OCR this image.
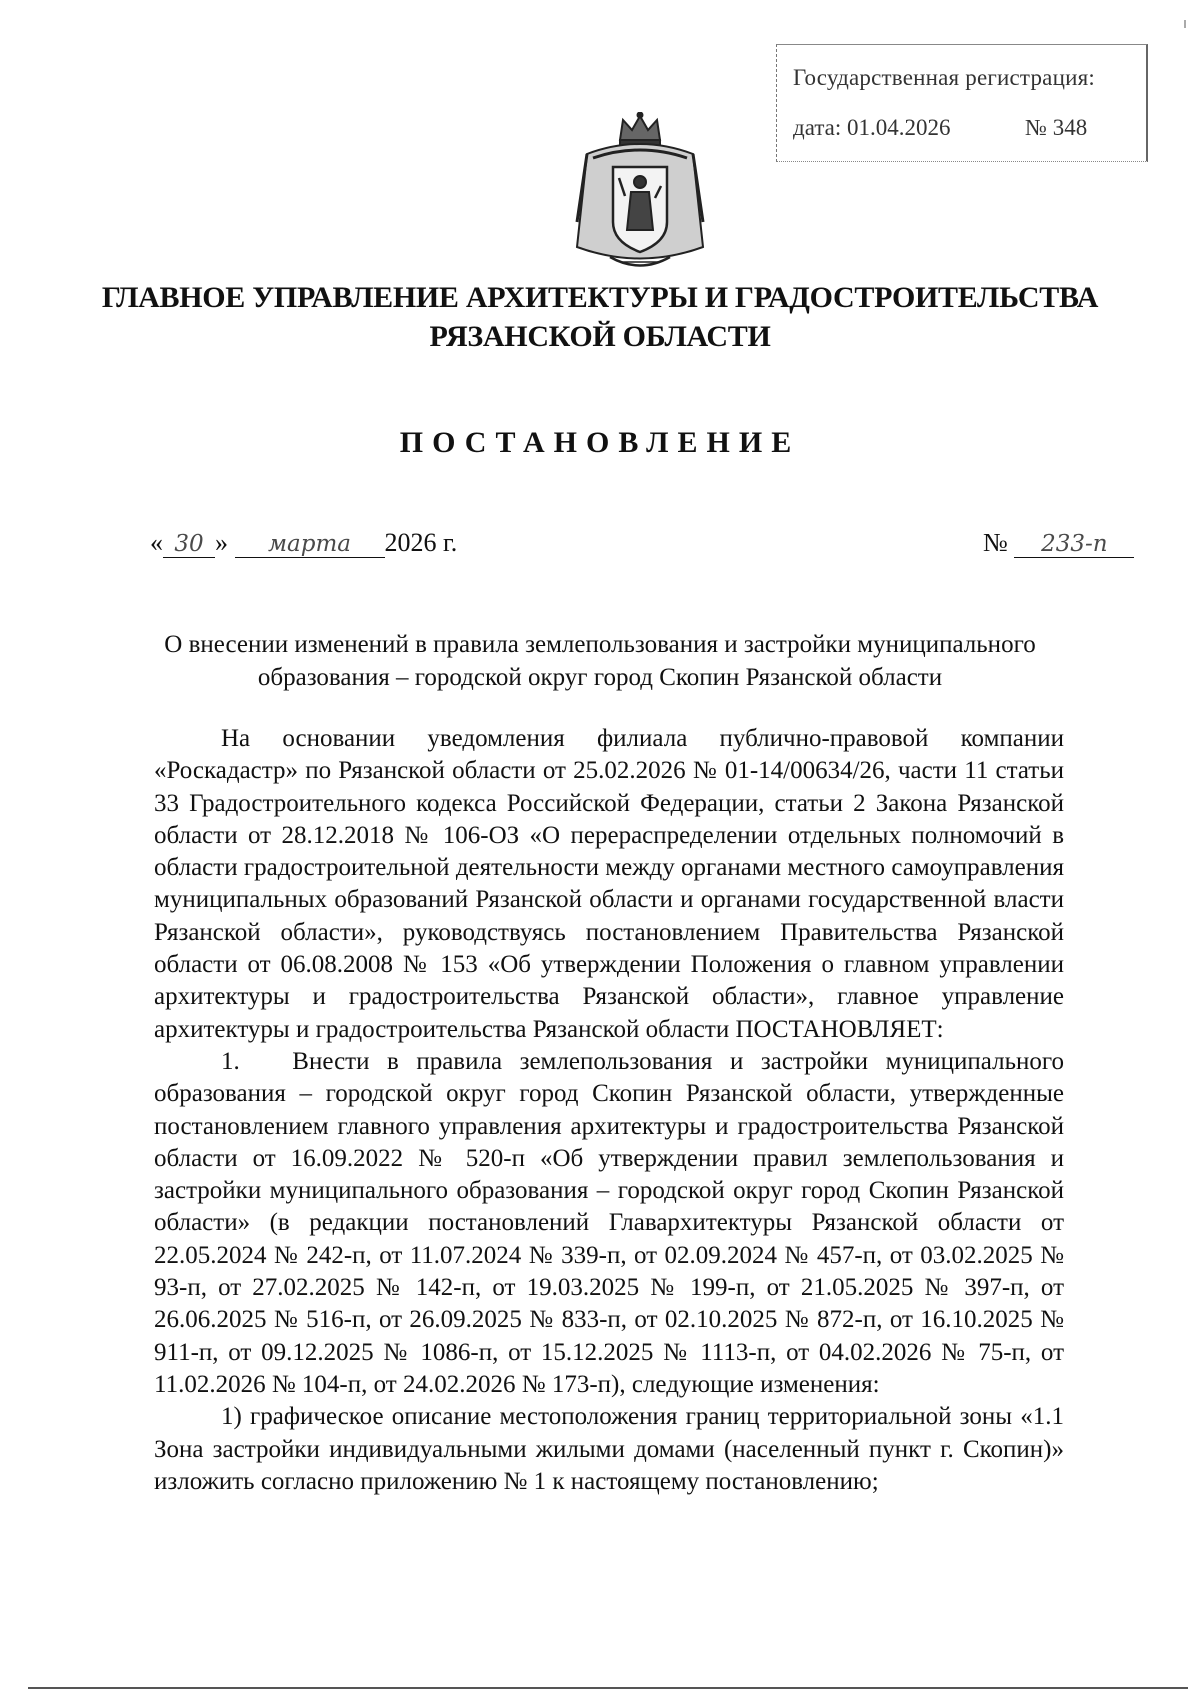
Государственная регистрация:
дата: 01.04.2026	№ 348
ГЛАВНОЕ УПРАВЛЕНИЕ АРХИТЕКТУРЫ И ГРАДОСТРОИТЕЛЬСТВА
РЯЗАНСКОЙ ОБЛАСТИ
ПОСТАНОВЛЕНИЕ
« 30 » марта 2026 г.	№ 233-п
О внесении изменений в правила землепользования и застройки муниципального
образования – городской округ город Скопин Рязанской области

На основании уведомления филиала публично-правовой компании «Роскадастр» по Рязанской области от 25.02.2026 № 01-14/00634/26, части 11 статьи 33 Градостроительного кодекса Российской Федерации, статьи 2 Закона Рязанской области от 28.12.2018 № 106-ОЗ «О перераспределении отдельных полномочий в области градостроительной деятельности между органами местного самоуправления муниципальных образований Рязанской области и органами государственной власти Рязанской области», руководствуясь постановлением Правительства Рязанской области от 06.08.2008 № 153 «Об утверждении Положения о главном управлении архитектуры и градостроительства Рязанской области», главное управление архитектуры и градостроительства Рязанской области ПОСТАНОВЛЯЕТ:

1.   Внести в правила землепользования и застройки муниципального образования – городской округ город Скопин Рязанской области, утвержденные постановлением главного управления архитектуры и градостроительства Рязанской области от 16.09.2022 № 520-п «Об утверждении правил землепользования и застройки муниципального образования – городской округ город Скопин Рязанской области» (в редакции постановлений Главархитектуры Рязанской области от 22.05.2024 № 242-п, от 11.07.2024 № 339-п, от 02.09.2024 № 457-п, от 03.02.2025 № 93-п, от 27.02.2025 № 142-п, от 19.03.2025 № 199-п, от 21.05.2025 № 397-п, от 26.06.2025 № 516-п, от 26.09.2025 № 833-п, от 02.10.2025 № 872-п, от 16.10.2025 № 911-п, от 09.12.2025 № 1086-п, от 15.12.2025 № 1113-п, от 04.02.2026 № 75-п, от 11.02.2026 № 104-п, от 24.02.2026 № 173-п), следующие изменения:

1) графическое описание местоположения границ территориальной зоны «1.1 Зона застройки индивидуальными жилыми домами (населенный пункт г. Скопин)» изложить согласно приложению № 1 к настоящему постановлению;
